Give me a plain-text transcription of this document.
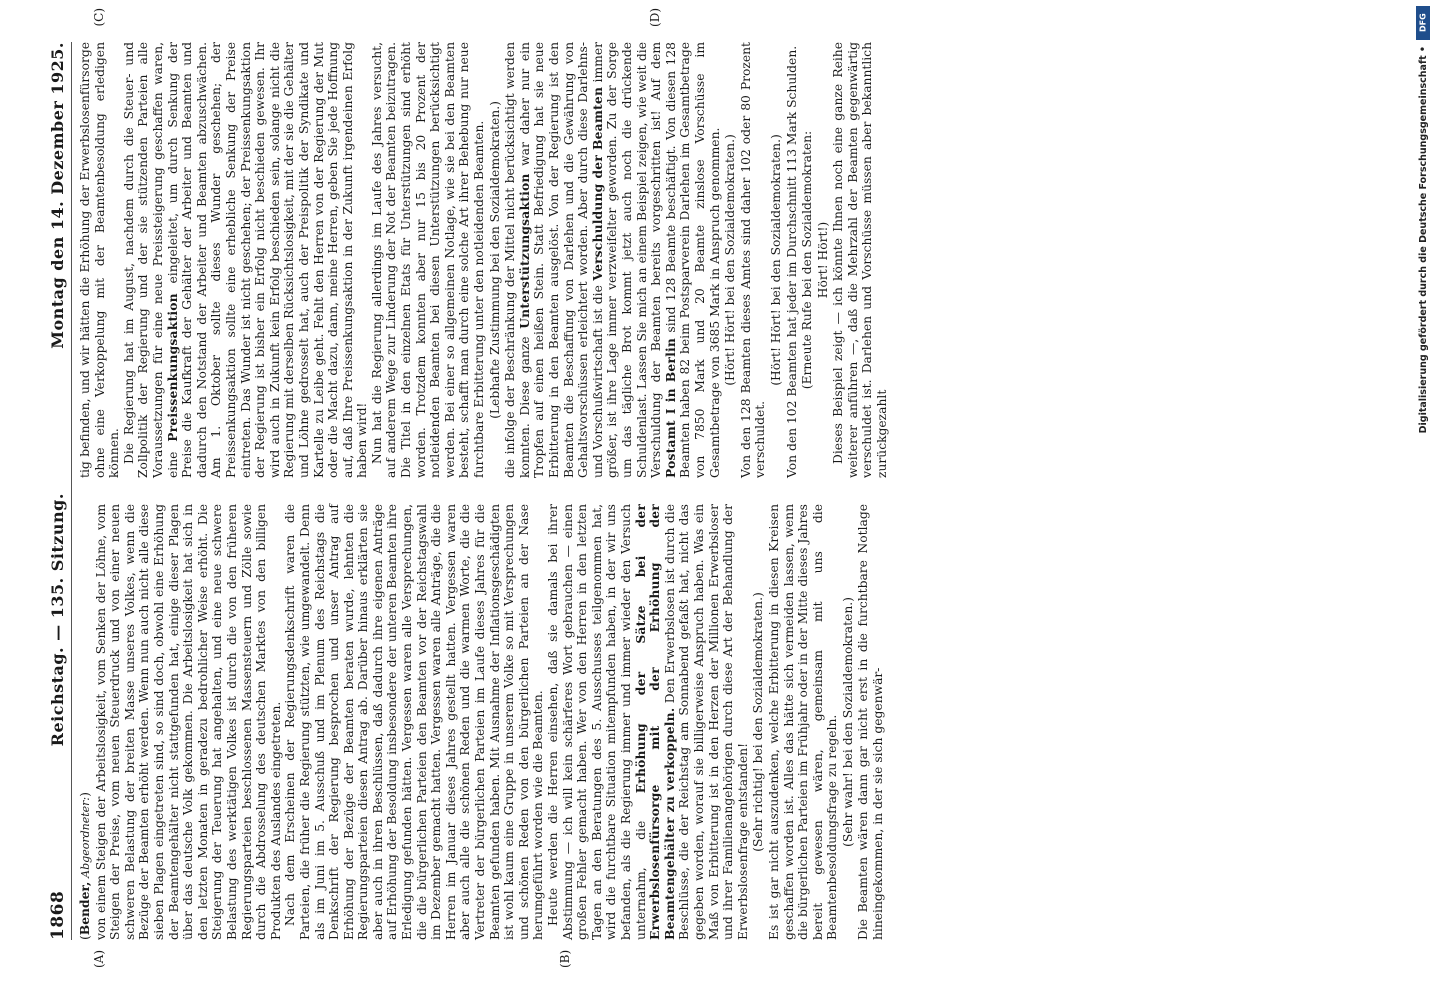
1868
Reichstag. — 135. Sitzung.
Montag den 14. Dezember 1925.
(A)	(B)

(Bender, Abgeordneter:) von einem Steigen der Arbeitslosigkeit, vom Senken der Löhne, vom Steigen der Preise, vom neuen Steuerdruck und von einer neuen schweren Belastung der breiten Masse unseres Volkes, wenn die Bezüge der Beamten erhöht werden. Wenn nun auch nicht alle diese sieben Plagen eingetreten sind, so sind doch, obwohl eine Erhöhung der Beamtengehälter nicht stattgefunden hat, einige dieser Plagen über das deutsche Volk gekommen. Die Arbeitslosigkeit hat sich in den letzten Monaten in geradezu bedrohlicher Weise erhöht. Die Steigerung der Teuerung hat angehalten, und eine neue schwere Belastung des werktätigen Volkes ist durch die von den früheren Regierungsparteien beschlossenen Massensteuern und Zölle sowie durch die Abdrosselung des deutschen Marktes von den billigen Produkten des Auslandes eingetreten. Nach dem Erscheinen der Regierungsdenkschrift waren die Parteien, die früher die Regierung stützten, wie umgewandelt. Denn als im Juni im 5. Ausschuß und im Plenum des Reichstags die Denkschrift der Regierung besprochen und unser Antrag auf Erhöhung der Bezüge der Beamten beraten wurde, lehnten die Regierungsparteien diesen Antrag ab. Darüber hinaus erklärten sie aber auch in ihren Beschlüssen, daß dadurch ihre eigenen Anträge auf Erhöhung der Besoldung insbesondere der unteren Beamten ihre Erledigung gefunden hätten. Vergessen waren alle Versprechungen, die die bürgerlichen Parteien den Beamten vor der Reichstagswahl im Dezember gemacht hatten. Vergessen waren alle Anträge, die die Herren im Januar dieses Jahres gestellt hatten. Vergessen waren aber auch alle die schönen Reden und die warmen Worte, die die Vertreter der bürgerlichen Parteien im Laufe dieses Jahres für die Beamten gefunden haben. Mit Ausnahme der Inflationsgeschädigten ist wohl kaum eine Gruppe in unserem Volke so mit Versprechungen und schönen Reden von den bürgerlichen Parteien an der Nase herumgeführt worden wie die Beamten. Heute werden die Herren einsehen, daß sie damals bei ihrer Abstimmung — ich will kein schärferes Wort gebrauchen — einen großen Fehler gemacht haben. Wer von den Herren in den letzten Tagen an den Beratungen des 5. Ausschusses teilgenommen hat, wird die furchtbare Situation mitempfunden haben, in der wir uns befanden, als die Regierung immer und immer wieder den Versuch unternahm, die Erhöhung der Sätze bei der Erwerbslosenfürsorge mit der Erhöhung der Beamtengehälter zu verkoppeln. Den Erwerbslosen ist durch die Beschlüsse, die der Reichstag am Sonnabend gefaßt hat, nicht das gegeben worden, worauf sie billigerweise Anspruch haben. Was ein Maß von Erbitterung ist in den Herzen der Millionen Erwerbsloser und ihrer Familienangehörigen durch diese Art der Behandlung der Erwerbslosenfrage entstanden! (Sehr richtig! bei den Sozialdemokraten.) Es ist gar nicht auszudenken, welche Erbitterung in diesen Kreisen geschaffen worden ist. Alles das hätte sich vermeiden lassen, wenn die bürgerlichen Parteien im Frühjahr oder in der Mitte dieses Jahres bereit gewesen wären, gemeinsam mit uns die Beamtenbesoldungsfrage zu regeln. (Sehr wahr! bei den Sozialdemokraten.) Die Beamten wären dann gar nicht erst in die furchtbare Notlage hineingekommen, in der sie sich gegenwär-

(C)	(D)

tig befinden, und wir hätten die Erhöhung der Erwerbslosenfürsorge ohne eine Verkoppelung mit der Beamtenbesoldung erledigen können. Die Regierung hat im August, nachdem durch die Steuer- und Zollpolitik der Regierung und der sie stützenden Parteien alle Voraussetzungen für eine neue Preissteigerung geschaffen waren, eine Preissenkungsaktion eingeleitet, um durch Senkung der Preise die Kaufkraft der Gehälter der Arbeiter und Beamten und dadurch den Notstand der Arbeiter und Beamten abzuschwächen. Am 1. Oktober sollte dieses Wunder geschehen; der Preissenkungsaktion sollte eine erhebliche Senkung der Preise eintreten. Das Wunder ist nicht geschehen; der Preissenkungsaktion der Regierung ist bisher ein Erfolg nicht beschieden gewesen. Ihr wird auch in Zukunft kein Erfolg beschieden sein, solange nicht die Regierung mit derselben Rücksichtslosigkeit, mit der sie die Gehälter und Löhne gedrosselt hat, auch der Preispolitik der Syndikate und Kartelle zu Leibe geht. Fehlt den Herren von der Regierung der Mut oder die Macht dazu, dann, meine Herren, geben Sie jede Hoffnung auf, daß Ihre Preissenkungsaktion in der Zukunft irgendeinen Erfolg haben wird! Nun hat die Regierung allerdings im Laufe des Jahres versucht, auf anderem Wege zur Linderung der Not der Beamten beizutragen. Die Titel in den einzelnen Etats für Unterstützungen sind erhöht worden. Trotzdem konnten aber nur 15 bis 20 Prozent der notleidenden Beamten bei diesen Unterstützungen berücksichtigt werden. Bei einer so allgemeinen Notlage, wie sie bei den Beamten besteht, schafft man durch eine solche Art ihrer Behebung nur neue furchtbare Erbitterung unter den notleidenden Beamten. (Lebhafte Zustimmung bei den Sozialdemokraten.) die infolge der Beschränkung der Mittel nicht berücksichtigt werden konnten. Diese ganze Unterstützungsaktion war daher nur ein Tropfen auf einen heißen Stein. Statt Befriedigung hat sie neue Erbitterung in den Beamten ausgelöst. Von der Regierung ist den Beamten die Beschaffung von Darlehen und die Gewährung von Gehaltsvorschüssen erleichtert worden. Aber durch diese Darlehns- und Vorschußwirtschaft ist die Verschuldung der Beamten immer größer, ist ihre Lage immer verzweifelter geworden. Zu der Sorge um das tägliche Brot kommt jetzt auch noch die drückende Schuldenlast. Lassen Sie mich an einem Beispiel zeigen, wie weit die Verschuldung der Beamten bereits vorgeschritten ist! Auf dem Postamt I in Berlin sind 128 Beamte beschäftigt. Von diesen 128 Beamten haben 82 beim Postsparverein Darlehen im Gesamtbetrage von 7850 Mark und 20 Beamte zinslose Vorschüsse im Gesamtbetrage von 3685 Mark in Anspruch genommen. (Hört! Hört! bei den Sozialdemokraten.) Von den 128 Beamten dieses Amtes sind daher 102 oder 80 Prozent verschuldet.

(Hört! Hört! bei den Sozialdemokraten.) Von den 102 Beamten hat jeder im Durchschnitt 113 Mark Schulden. (Erneute Rufe bei den Sozialdemokraten: Hört! Hört!) Dieses Beispiel zeigt — ich könnte Ihnen noch eine ganze Reihe weiterer anführen —, daß die Mehrzahl der Beamten gegenwärtig verschuldet ist. Darlehen und Vorschüsse müssen aber bekanntlich zurückgezahlt

DFG
Digitalisierung gefördert durch die Deutsche Forschungsgemeinschaft •
